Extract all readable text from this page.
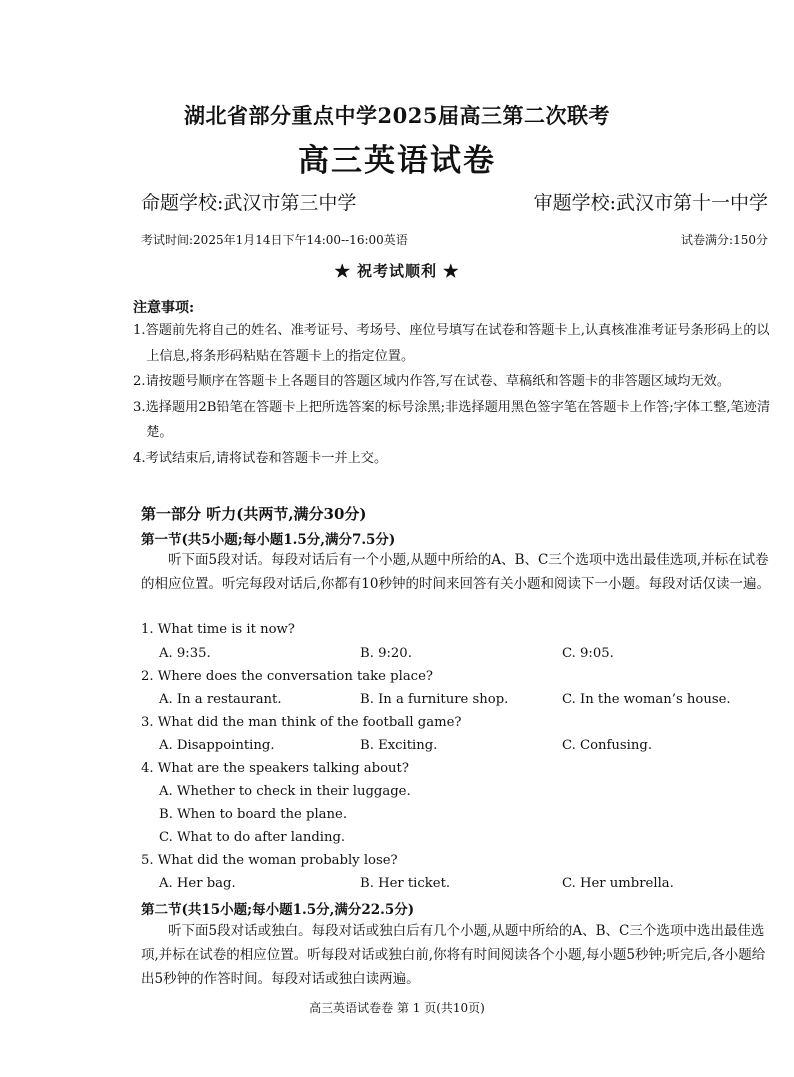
湖北省部分重点中学2025届高三第二次联考
高三英语试卷
命题学校:武汉市第三中学	审题学校:武汉市第十一中学
考试时间:2025年1月14日下午14:00--16:00英语	试卷满分:150分
★ 祝考试顺利 ★
注意事项:
1.答题前先将自己的姓名、准考证号、考场号、座位号填写在试卷和答题卡上,认真核准准考证号条形码上的以上信息,将条形码粘贴在答题卡上的指定位置。
2.请按题号顺序在答题卡上各题目的答题区域内作答,写在试卷、草稿纸和答题卡的非答题区域均无效。
3.选择题用2B铅笔在答题卡上把所选答案的标号涂黑;非选择题用黑色签字笔在答题卡上作答;字体工整,笔迹清楚。
4.考试结束后,请将试卷和答题卡一并上交。
第一部分 听力(共两节,满分30分)
第一节(共5小题;每小题1.5分,满分7.5分)

听下面5段对话。每段对话后有一个小题,从题中所给的A、B、C三个选项中选出最佳选项,并标在试卷的相应位置。听完每段对话后,你都有10秒钟的时间来回答有关小题和阅读下一小题。每段对话仅读一遍。

1. What time is it now?
A. 9:35.	B. 9:20.	C. 9:05.
2. Where does the conversation take place?
A. In a restaurant.	B. In a furniture shop.	C. In the woman’s house.
3. What did the man think of the football game?
A. Disappointing.	B. Exciting.	C. Confusing.
4. What are the speakers talking about?
A. Whether to check in their luggage.
B. When to board the plane.
C. What to do after landing.
5. What did the woman probably lose?
A. Her bag.	B. Her ticket.	C. Her umbrella.
第二节(共15小题;每小题1.5分,满分22.5分)

听下面5段对话或独白。每段对话或独白后有几个小题,从题中所给的A、B、C三个选项中选出最佳选项,并标在试卷的相应位置。听每段对话或独白前,你将有时间阅读各个小题,每小题5秒钟;听完后,各小题给出5秒钟的作答时间。每段对话或独白读两遍。

高三英语试卷卷 第 1 页(共10页)
